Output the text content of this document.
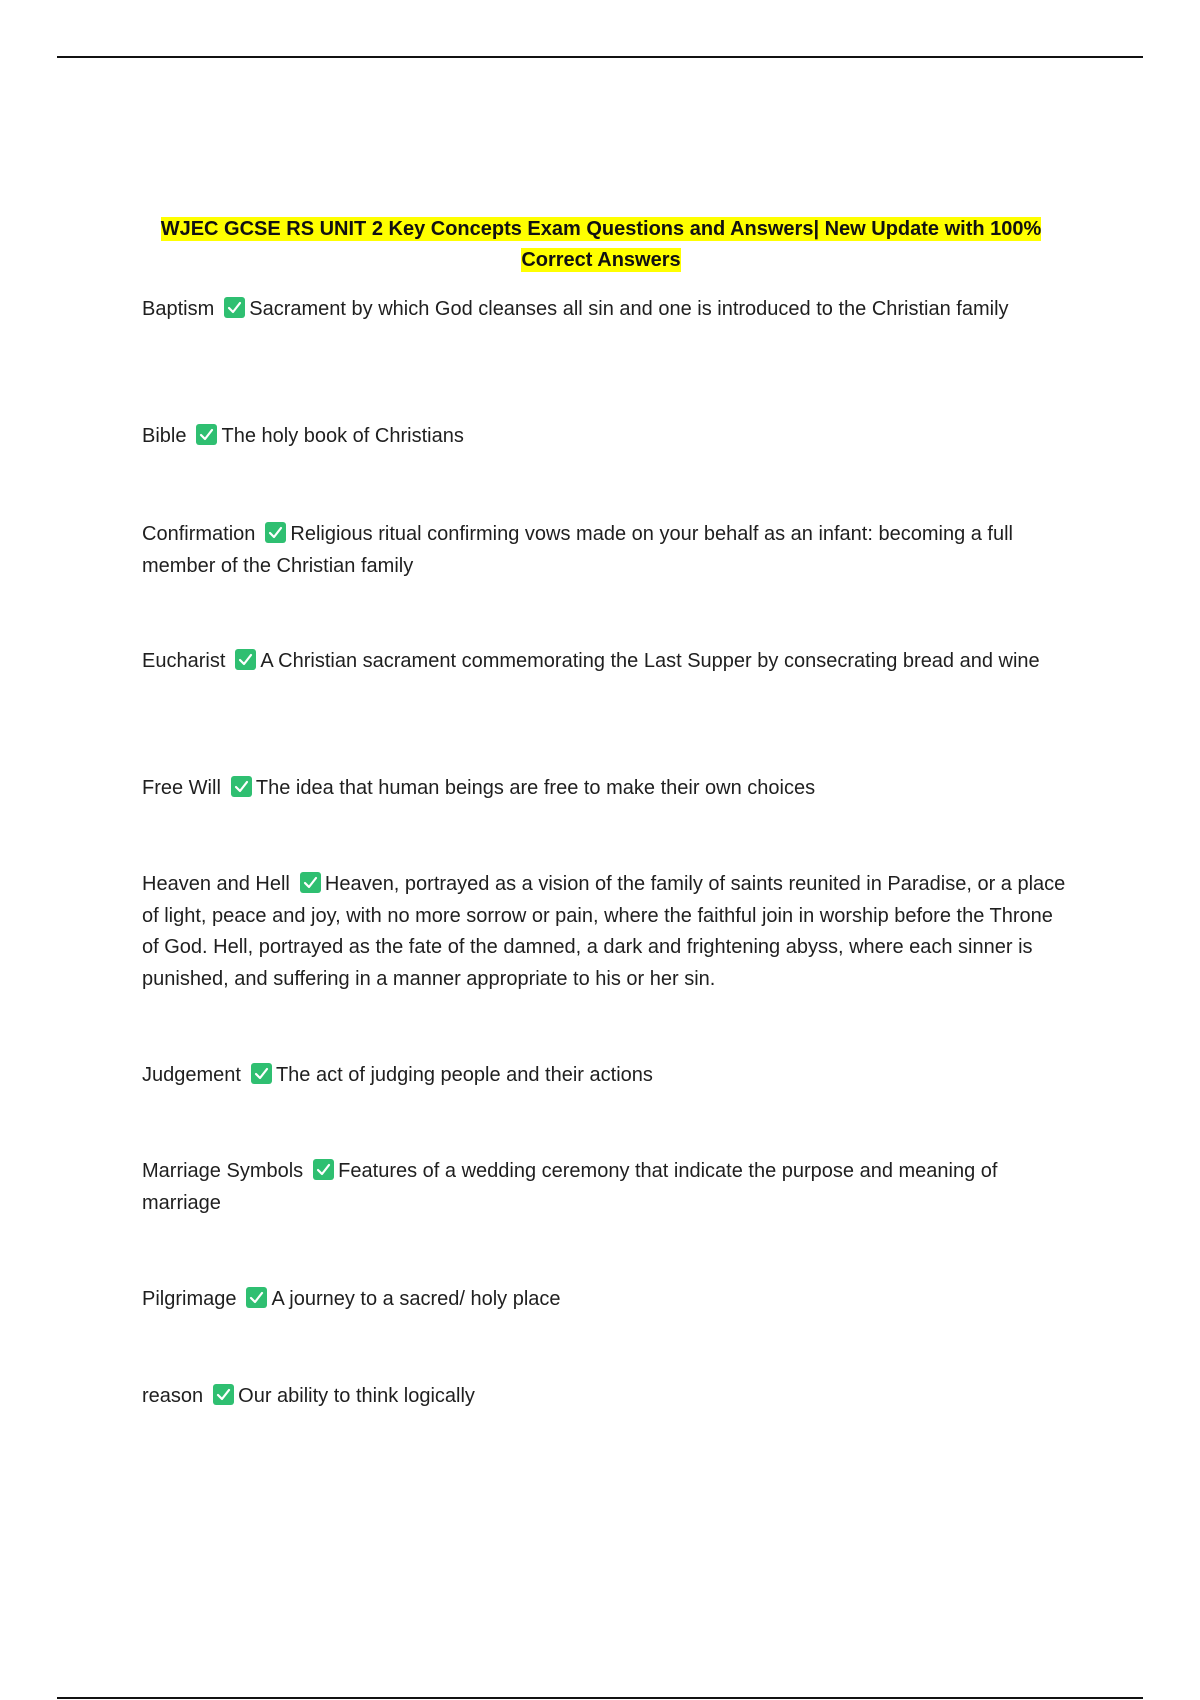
WJEC GCSE RS UNIT 2 Key Concepts Exam Questions and Answers| New Update with 100% Correct Answers
Baptism Sacrament by which God cleanses all sin and one is introduced to the Christian family
Bible The holy book of Christians
Confirmation Religious ritual confirming vows made on your behalf as an infant: becoming a full member of the Christian family
Eucharist A Christian sacrament commemorating the Last Supper by consecrating bread and wine
Free Will The idea that human beings are free to make their own choices
Heaven and Hell Heaven, portrayed as a vision of the family of saints reunited in Paradise, or a place of light, peace and joy, with no more sorrow or pain, where the faithful join in worship before the Throne of God. Hell, portrayed as the fate of the damned, a dark and frightening abyss, where each sinner is punished, and suffering in a manner appropriate to his or her sin.
Judgement The act of judging people and their actions
Marriage Symbols Features of a wedding ceremony that indicate the purpose and meaning of marriage
Pilgrimage A journey to a sacred/ holy place
reason Our ability to think logically
